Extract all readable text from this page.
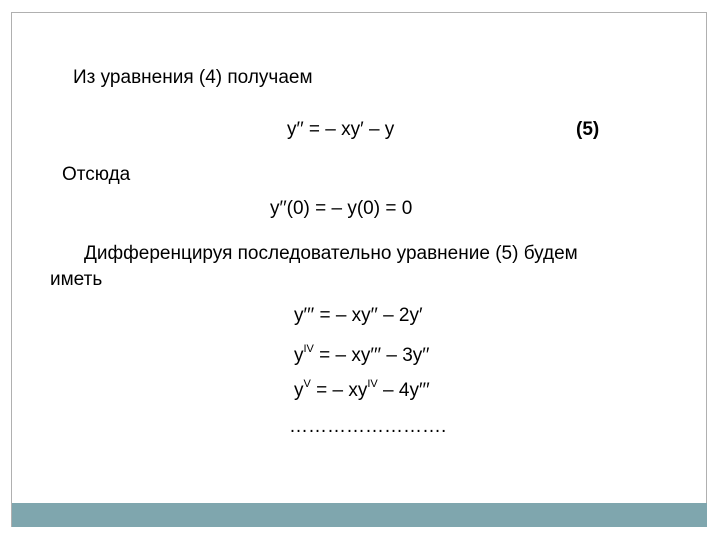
Из уравнения (4) получаем
y′′ = – xy′ – y	(5)
Отсюда
y′′(0) = – y(0) = 0
Дифференцируя последовательно уравнение (5) будем
иметь
y′′′ = – xy′′ – 2y′
$y^{IV}$ = – xy′′′ – 3y′′
$y^V$ = – $xy^{IV} - 4y'''$
…………………….
